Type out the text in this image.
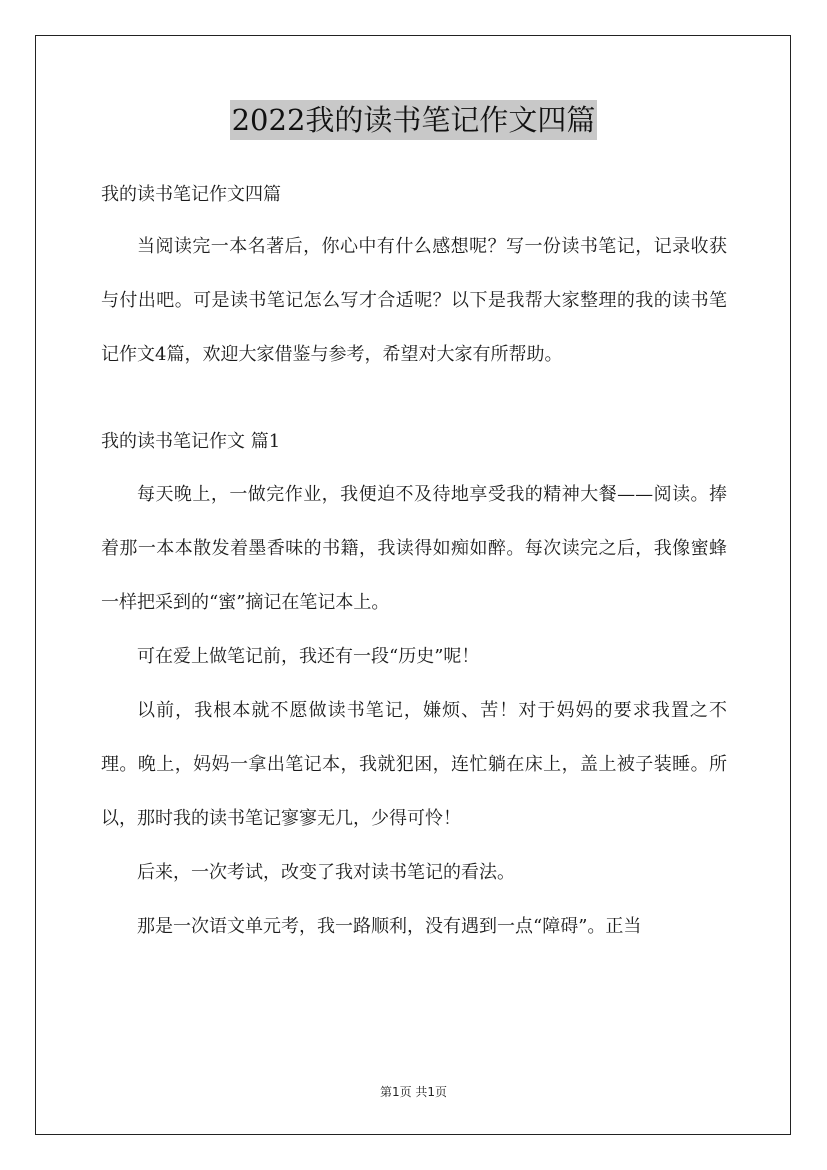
2022我的读书笔记作文四篇

我的读书笔记作文四篇

当阅读完一本名著后，你心中有什么感想呢？写一份读书笔记，记录收获与付出吧。可是读书笔记怎么写才合适呢？以下是我帮大家整理的我的读书笔记作文4篇，欢迎大家借鉴与参考，希望对大家有所帮助。

我的读书笔记作文 篇1

每天晚上，一做完作业，我便迫不及待地享受我的精神大餐——阅读。捧着那一本本散发着墨香味的书籍，我读得如痴如醉。每次读完之后，我像蜜蜂一样把采到的“蜜”摘记在笔记本上。

可在爱上做笔记前，我还有一段“历史”呢！

以前，我根本就不愿做读书笔记，嫌烦、苦！对于妈妈的要求我置之不理。晚上，妈妈一拿出笔记本，我就犯困，连忙躺在床上，盖上被子装睡。所以，那时我的读书笔记寥寥无几，少得可怜！

后来，一次考试，改变了我对读书笔记的看法。

那是一次语文单元考，我一路顺利，没有遇到一点“障碍”。正当

第1页 共1页
